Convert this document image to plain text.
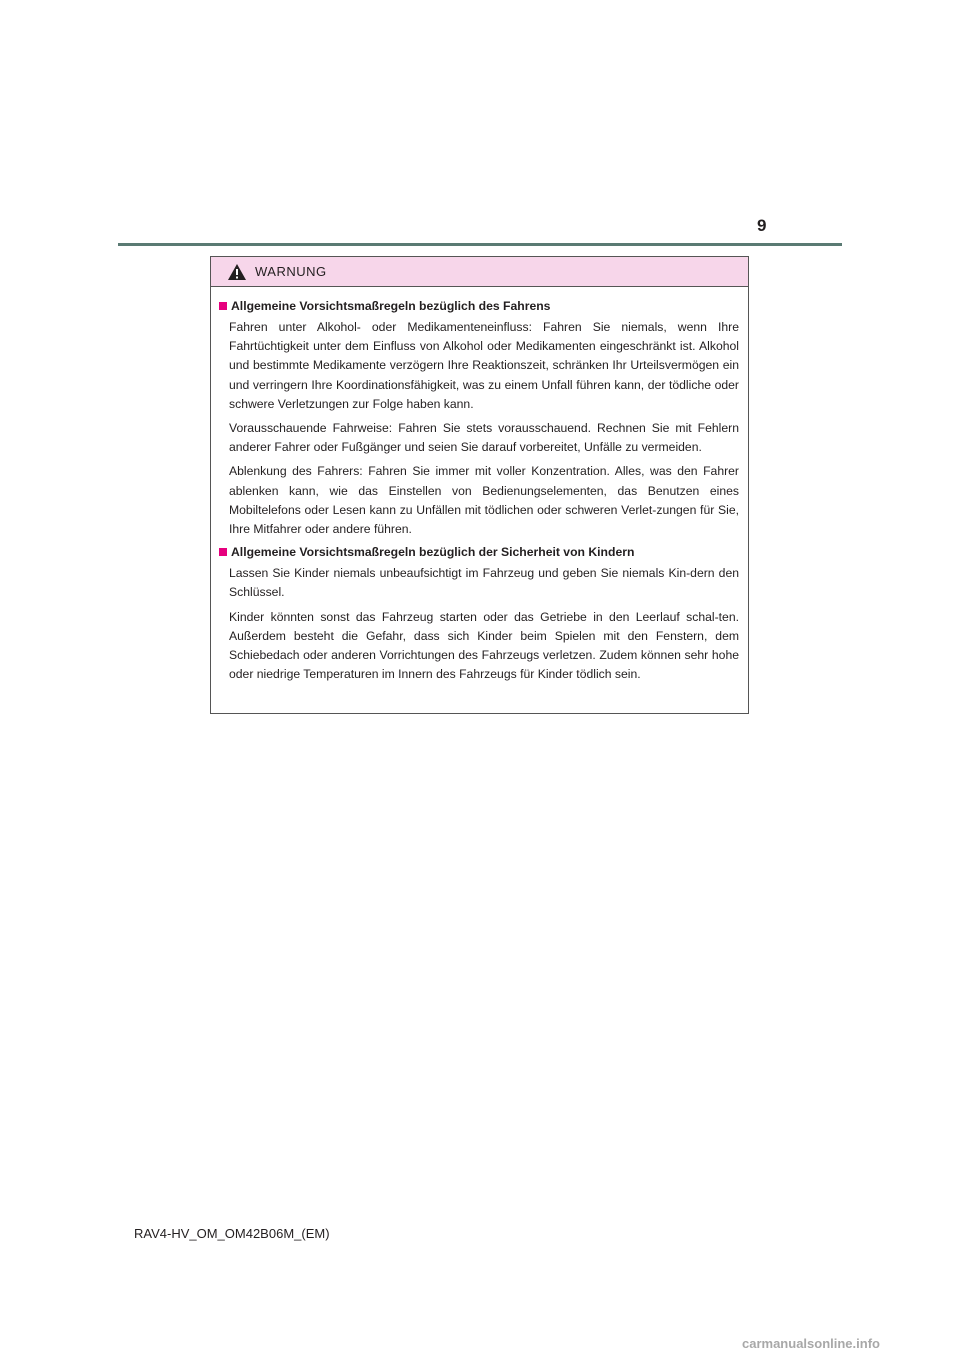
9
WARNUNG
Allgemeine Vorsichtsmaßregeln bezüglich des Fahrens

Fahren unter Alkohol- oder Medikamenteneinfluss: Fahren Sie niemals, wenn Ihre Fahrtüchtigkeit unter dem Einfluss von Alkohol oder Medikamenten eingeschränkt ist. Alkohol und bestimmte Medikamente verzögern Ihre Reaktionszeit, schränken Ihr Urteilsvermögen ein und verringern Ihre Koordinationsfähigkeit, was zu einem Unfall führen kann, der tödliche oder schwere Verletzungen zur Folge haben kann.

Vorausschauende Fahrweise: Fahren Sie stets vorausschauend. Rechnen Sie mit Fehlern anderer Fahrer oder Fußgänger und seien Sie darauf vorbereitet, Unfälle zu vermeiden.

Ablenkung des Fahrers: Fahren Sie immer mit voller Konzentration. Alles, was den Fahrer ablenken kann, wie das Einstellen von Bedienungselementen, das Benutzen eines Mobiltelefons oder Lesen kann zu Unfällen mit tödlichen oder schweren Verlet-zungen für Sie, Ihre Mitfahrer oder andere führen.

Allgemeine Vorsichtsmaßregeln bezüglich der Sicherheit von Kindern

Lassen Sie Kinder niemals unbeaufsichtigt im Fahrzeug und geben Sie niemals Kin-dern den Schlüssel.

Kinder könnten sonst das Fahrzeug starten oder das Getriebe in den Leerlauf schal-ten. Außerdem besteht die Gefahr, dass sich Kinder beim Spielen mit den Fenstern, dem Schiebedach oder anderen Vorrichtungen des Fahrzeugs verletzen. Zudem können sehr hohe oder niedrige Temperaturen im Innern des Fahrzeugs für Kinder tödlich sein.

RAV4-HV_OM_OM42B06M_(EM)
carmanualsonline.info
